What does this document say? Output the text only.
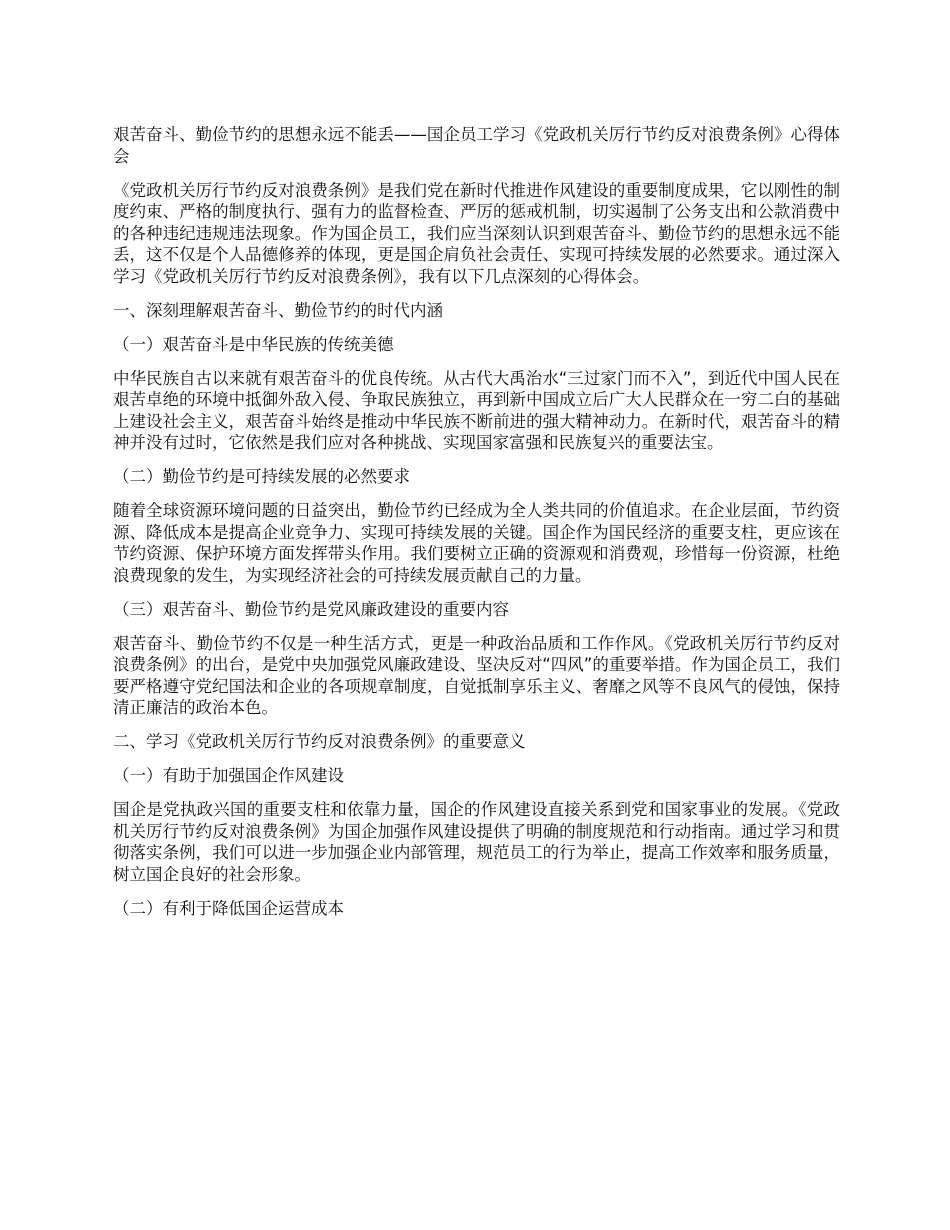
艰苦奋斗、勤俭节约的思想永远不能丢——国企员工学习《党政机关厉行节约反对浪费条例》心得体会

《党政机关厉行节约反对浪费条例》是我们党在新时代推进作风建设的重要制度成果，它以刚性的制度约束、严格的制度执行、强有力的监督检查、严厉的惩戒机制，切实遏制了公务支出和公款消费中的各种违纪违规违法现象。作为国企员工，我们应当深刻认识到艰苦奋斗、勤俭节约的思想永远不能丢，这不仅是个人品德修养的体现，更是国企肩负社会责任、实现可持续发展的必然要求。通过深入学习《党政机关厉行节约反对浪费条例》，我有以下几点深刻的心得体会。

一、深刻理解艰苦奋斗、勤俭节约的时代内涵

（一）艰苦奋斗是中华民族的传统美德

中华民族自古以来就有艰苦奋斗的优良传统。从古代大禹治水“三过家门而不入”，到近代中国人民在艰苦卓绝的环境中抵御外敌入侵、争取民族独立，再到新中国成立后广大人民群众在一穷二白的基础上建设社会主义，艰苦奋斗始终是推动中华民族不断前进的强大精神动力。在新时代，艰苦奋斗的精神并没有过时，它依然是我们应对各种挑战、实现国家富强和民族复兴的重要法宝。

（二）勤俭节约是可持续发展的必然要求

随着全球资源环境问题的日益突出，勤俭节约已经成为全人类共同的价值追求。在企业层面，节约资源、降低成本是提高企业竞争力、实现可持续发展的关键。国企作为国民经济的重要支柱，更应该在节约资源、保护环境方面发挥带头作用。我们要树立正确的资源观和消费观，珍惜每一份资源，杜绝浪费现象的发生，为实现经济社会的可持续发展贡献自己的力量。

（三）艰苦奋斗、勤俭节约是党风廉政建设的重要内容

艰苦奋斗、勤俭节约不仅是一种生活方式，更是一种政治品质和工作作风。《党政机关厉行节约反对浪费条例》的出台，是党中央加强党风廉政建设、坚决反对“四风”的重要举措。作为国企员工，我们要严格遵守党纪国法和企业的各项规章制度，自觉抵制享乐主义、奢靡之风等不良风气的侵蚀，保持清正廉洁的政治本色。

二、学习《党政机关厉行节约反对浪费条例》的重要意义

（一）有助于加强国企作风建设

国企是党执政兴国的重要支柱和依靠力量，国企的作风建设直接关系到党和国家事业的发展。《党政机关厉行节约反对浪费条例》为国企加强作风建设提供了明确的制度规范和行动指南。通过学习和贯彻落实条例，我们可以进一步加强企业内部管理，规范员工的行为举止，提高工作效率和服务质量，树立国企良好的社会形象。

（二）有利于降低国企运营成本
